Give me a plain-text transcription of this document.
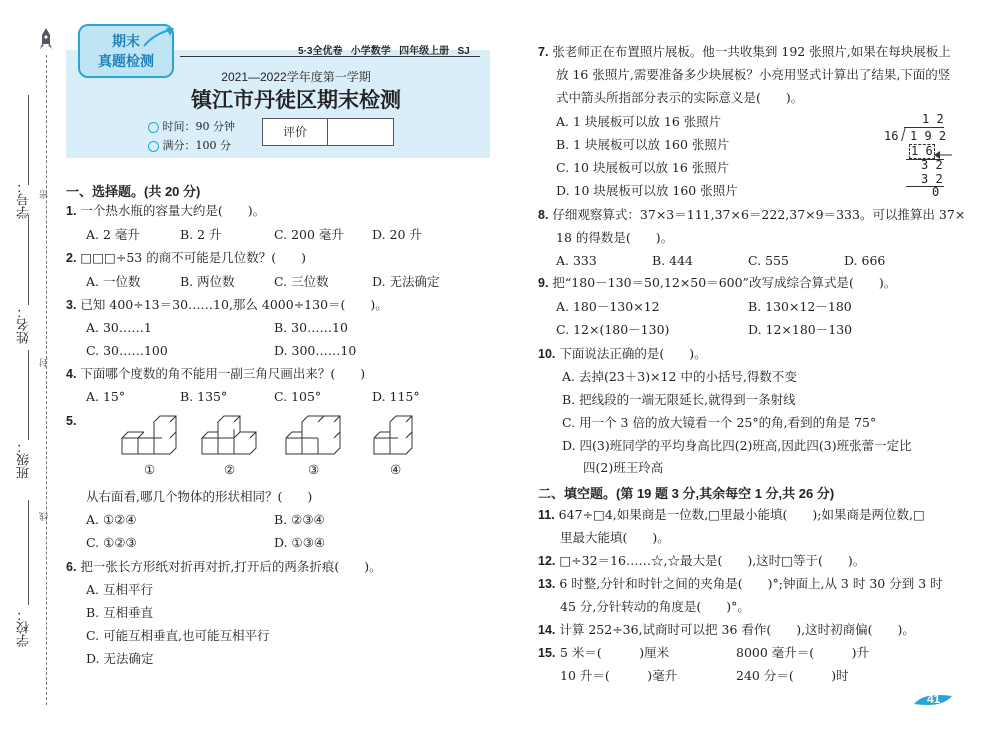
密
封
线
学号：
姓名：
班级：
学校：
期末
真题检测
5·3全优卷 小学数学 四年级上册 SJ
2021—2022学年度第一学期
镇江市丹徒区期末检测
时间：90 分钟
满分：100 分
评价
一、选择题。(共 20 分)
1. 一个热水瓶的容量大约是(　　)。
A. 2 毫升	B. 2 升	C. 200 毫升 D. 20 升
2. □□□÷53 的商不可能是几位数？(　　)
A. 一位数	B. 两位数	C. 三位数	D. 无法确定
3. 已知 400÷13＝30……10,那么 4000÷130＝(　　)。
A. 30……1	B. 30……10
C. 30……100	D. 300……10
4. 下面哪个度数的角不能用一副三角尺画出来？(　　)
A. 15°	B. 135°	C. 105°	D. 115°
5.
①	②	③	④
从右面看,哪几个物体的形状相同？(　　)
A. ①②④	B. ②③④
C. ①②③	D. ①③④
6. 把一张长方形纸对折再对折,打开后的两条折痕(　　)。
A. 互相平行
B. 互相垂直
C. 可能互相垂直,也可能互相平行
D. 无法确定
7. 张老师正在布置照片展板。他一共收集到 192 张照片,如果在每块展板上
放 16 张照片,需要准备多少块展板？小亮用竖式计算出了结果,下面的竖
式中箭头所指部分表示的实际意义是(　　)。
A. 1 块展板可以放 16 张照片
B. 1 块展板可以放 160 张照片
C. 10 块展板可以放 16 张照片
D. 10 块展板可以放 160 张照片
1 2
16 1 9 2
1 6
3 2
3 2
0
8. 仔细观察算式：37×3＝111,37×6＝222,37×9＝333。可以推算出 37×
18 的得数是(　　)。
A. 333	B. 444	C. 555	D. 666
9. 把“180－130＝50,12×50＝600”改写成综合算式是(　　)。
A. 180－130×12	B. 130×12－180
C. 12×(180－130)	D. 12×180－130
10. 下面说法正确的是(　　)。
A. 去掉(23＋3)×12 中的小括号,得数不变
B. 把线段的一端无限延长,就得到一条射线
C. 用一个 3 倍的放大镜看一个 25°的角,看到的角是 75°
D. 四(3)班同学的平均身高比四(2)班高,因此四(3)班张蕾一定比
四(2)班王玲高
二、填空题。(第 19 题 3 分,其余每空 1 分,共 26 分)
11. 647÷□4,如果商是一位数,□里最小能填(　　);如果商是两位数,□
里最大能填(　　)。
12. □÷32＝16……☆,☆最大是(　　),这时□等于(　　)。
13. 6 时整,分针和时针之间的夹角是(　　)°;钟面上,从 3 时 30 分到 3 时
45 分,分针转动的角度是(　　)°。
14. 计算 252÷36,试商时可以把 36 看作(　　),这时初商偏(　　)。
15. 5 米＝(　　　)厘米	8000 毫升＝(　　　)升
10 升＝(　　　)毫升	240 分＝(　　　)时
41
